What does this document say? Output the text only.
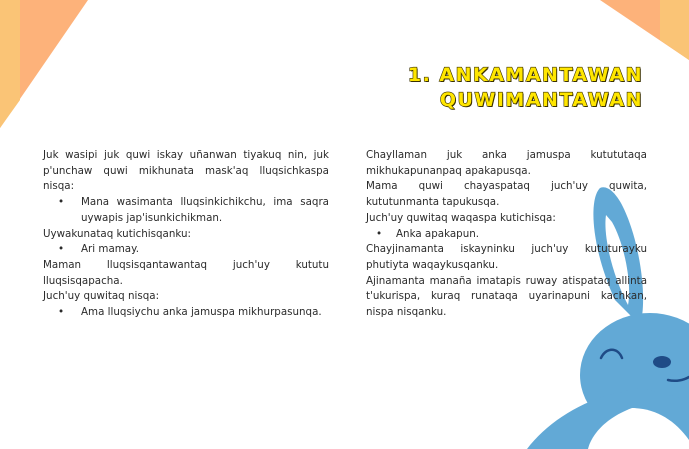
1. ANKAMANTAWAN
QUWIMANTAWAN

Juk wasipi juk quwi iskay uñanwan tiyakuq nin, juk p'unchaw quwi mikhunata mask'aq lluqsichkaspa nisqa:

• Mana wasimanta lluqsinkichikchu, ima saqra uywapis jap'isunkichikman.

Uywakunataq kutichisqanku:

• Ari mamay.

Maman lluqsisqantawantaq juch'uy kututu lluqsisqapacha.

Juch'uy quwitaq nisqa:

• Ama lluqsiychu anka jamuspa mikhurpasunqa.

Chayllaman juk anka jamuspa kutututaqa mikhukapunanpaq apakapusqa.

Mama quwi chayaspataq juch'uy quwita, kututunmanta tapukusqa.

Juch'uy quwitaq waqaspa kutichisqa:

• Anka apakapun.

Chayjinamanta iskayninku juch'uy kututurayku phutiyta waqaykusqanku.

Ajinamanta manaña imatapis ruway atispataq allinta t'ukurispa, kuraq runataqa uyarinapuni kachkan, nispa nisqanku.
